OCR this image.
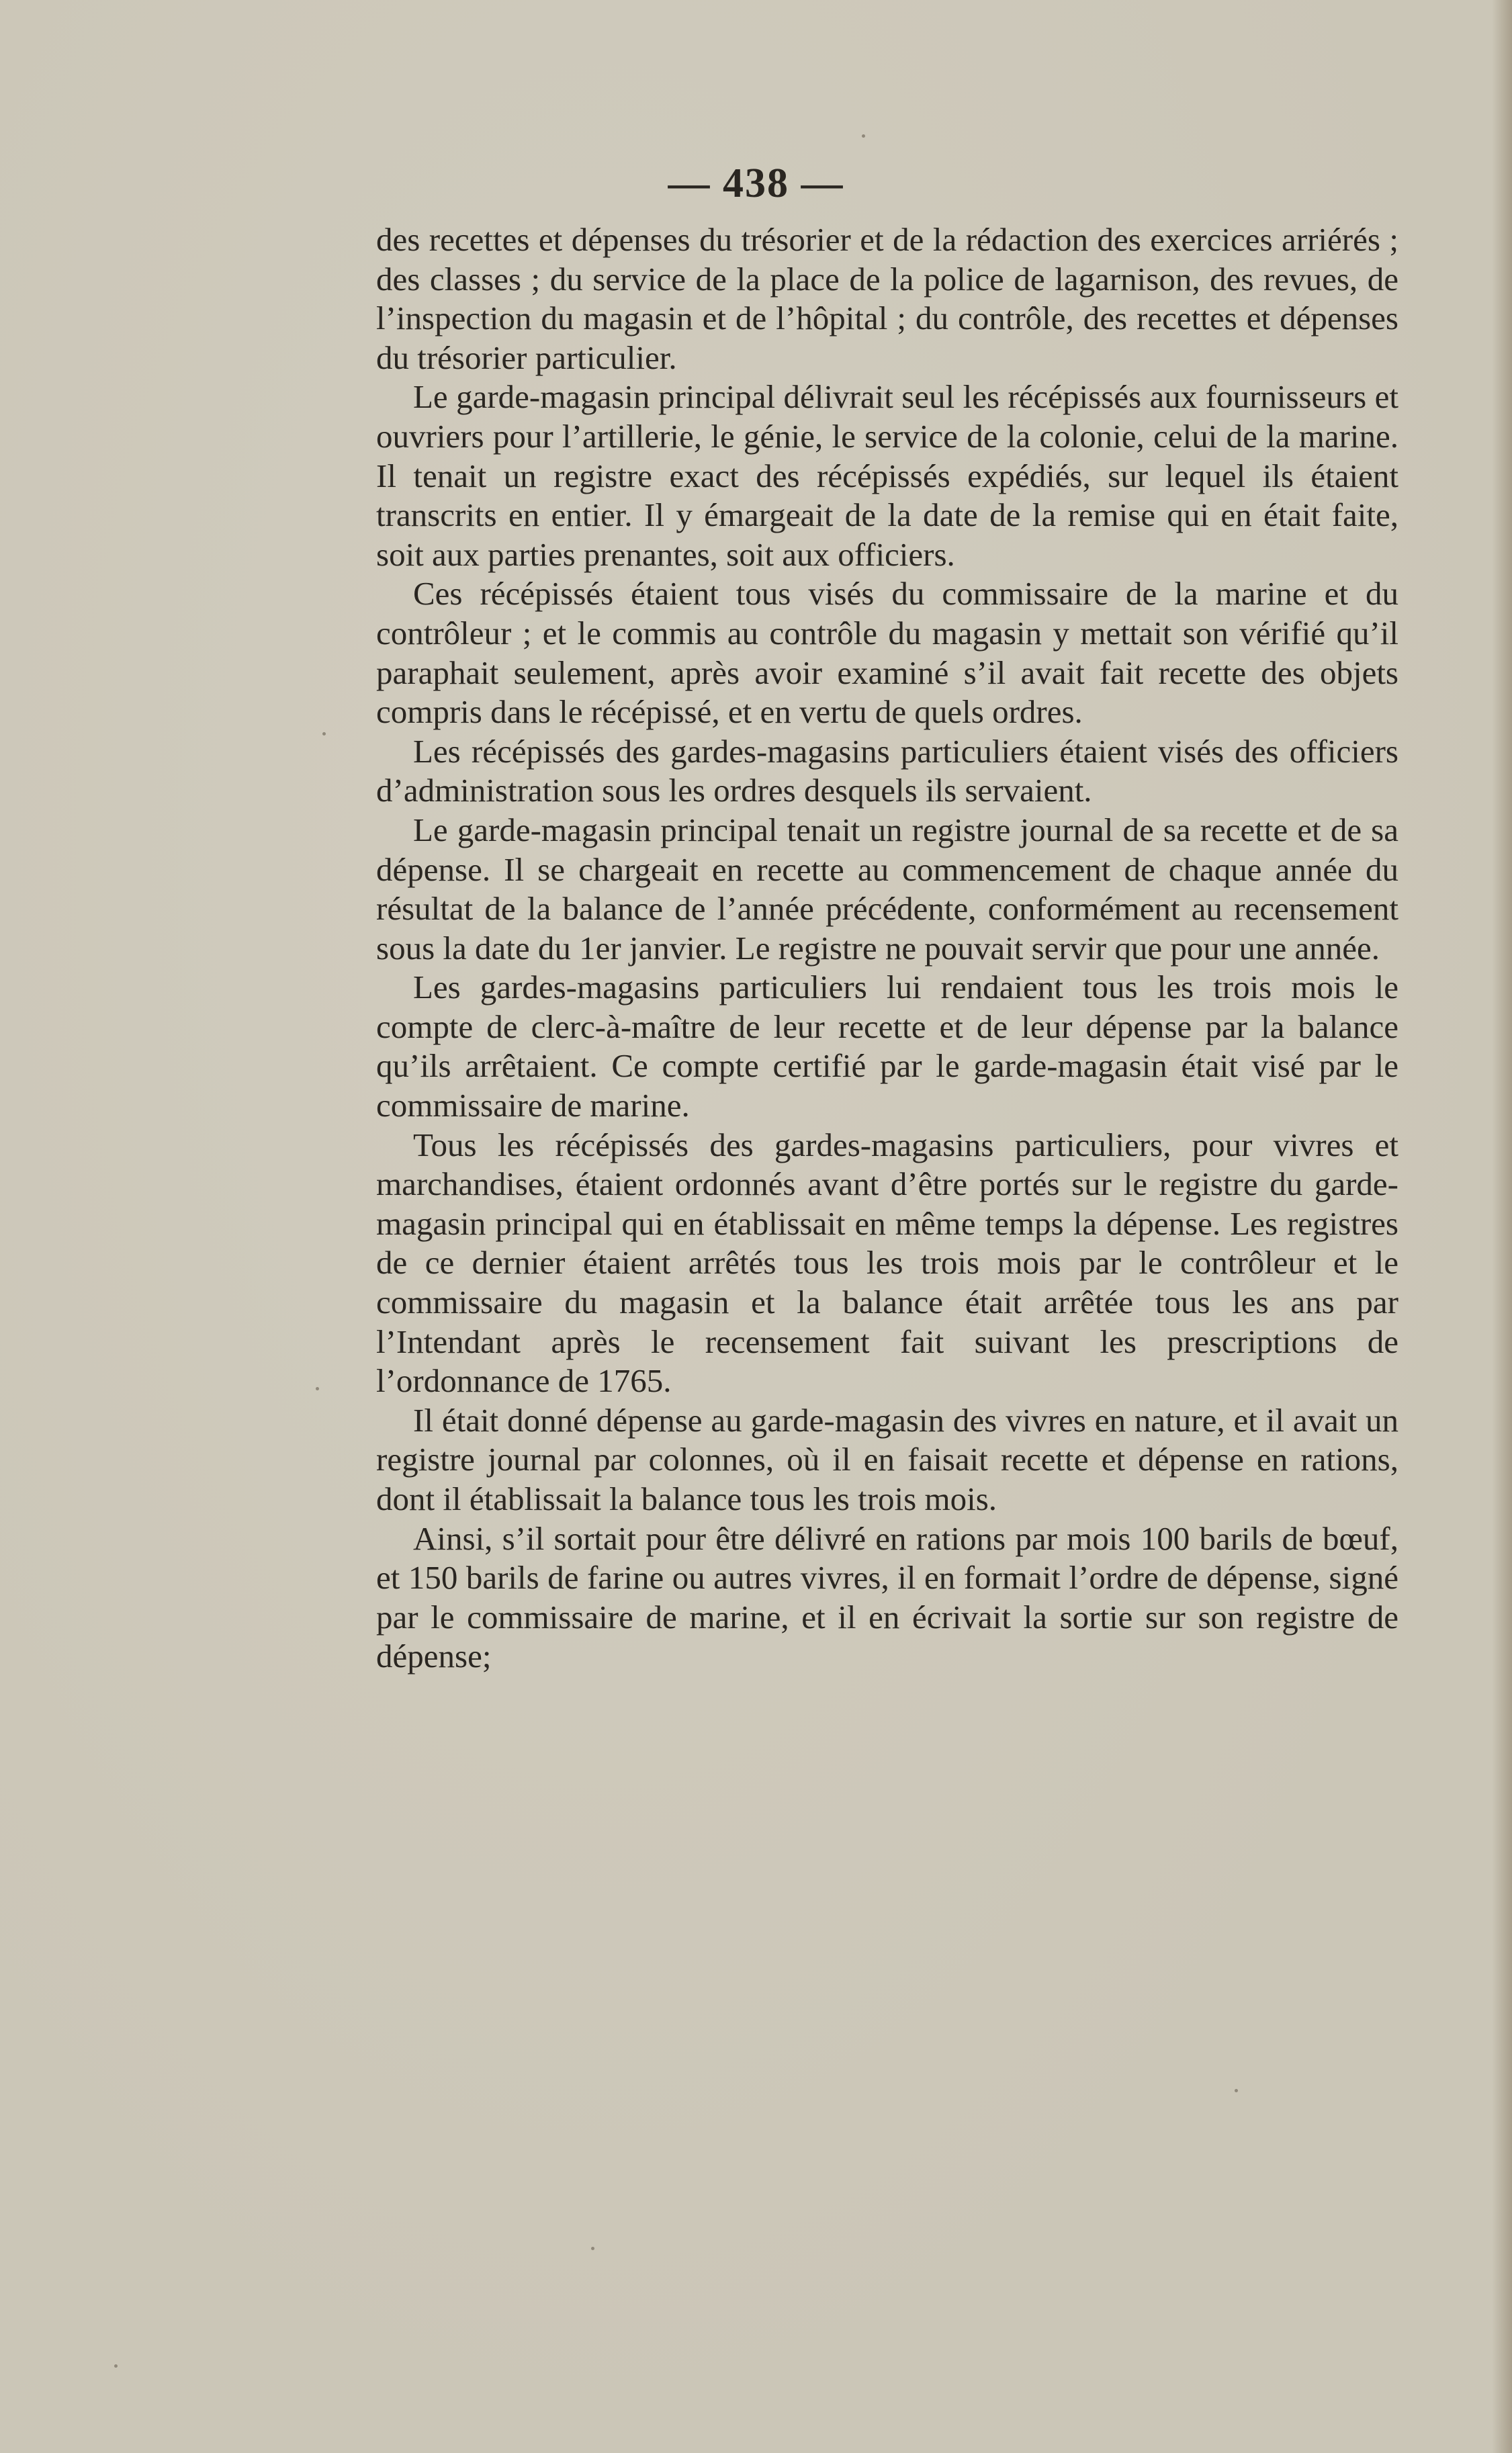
— 438 —

des recettes et dépenses du trésorier et de la rédaction des exercices arriérés ; des classes ; du service de la place de la police de lagarnison, des revues, de l’inspection du magasin et de l’hôpital ; du contrôle, des recettes et dépenses du trésorier particulier.

Le garde-magasin principal délivrait seul les récépissés aux fournisseurs et ouvriers pour l’artillerie, le génie, le service de la colonie, celui de la marine. Il tenait un registre exact des récépissés expédiés, sur lequel ils étaient transcrits en entier. Il y émargeait de la date de la remise qui en était faite, soit aux parties prenantes, soit aux officiers.

Ces récépissés étaient tous visés du commissaire de la marine et du contrôleur ; et le commis au contrôle du magasin y mettait son vérifié qu’il paraphait seulement, après avoir examiné s’il avait fait recette des objets compris dans le récépissé, et en vertu de quels ordres.

Les récépissés des gardes-magasins particuliers étaient visés des officiers d’administration sous les ordres desquels ils servaient.

Le garde-magasin principal tenait un registre journal de sa recette et de sa dépense. Il se chargeait en recette au commencement de chaque année du résultat de la balance de l’année précédente, conformément au recensement sous la date du 1er janvier. Le registre ne pouvait servir que pour une année.

Les gardes-magasins particuliers lui rendaient tous les trois mois le compte de clerc-à-maître de leur recette et de leur dépense par la balance qu’ils arrêtaient. Ce compte certifié par le garde-magasin était visé par le commissaire de marine.

Tous les récépissés des gardes-magasins particuliers, pour vivres et marchandises, étaient ordonnés avant d’être portés sur le registre du garde-magasin principal qui en établissait en même temps la dépense. Les registres de ce dernier étaient arrêtés tous les trois mois par le contrôleur et le commissaire du magasin et la balance était arrêtée tous les ans par l’Intendant après le recensement fait suivant les prescriptions de l’ordonnance de 1765.

Il était donné dépense au garde-magasin des vivres en nature, et il avait un registre journal par colonnes, où il en faisait recette et dépense en rations, dont il établissait la balance tous les trois mois.

Ainsi, s’il sortait pour être délivré en rations par mois 100 barils de bœuf, et 150 barils de farine ou autres vivres, il en formait l’ordre de dépense, signé par le commissaire de marine, et il en écrivait la sortie sur son registre de dépense;
